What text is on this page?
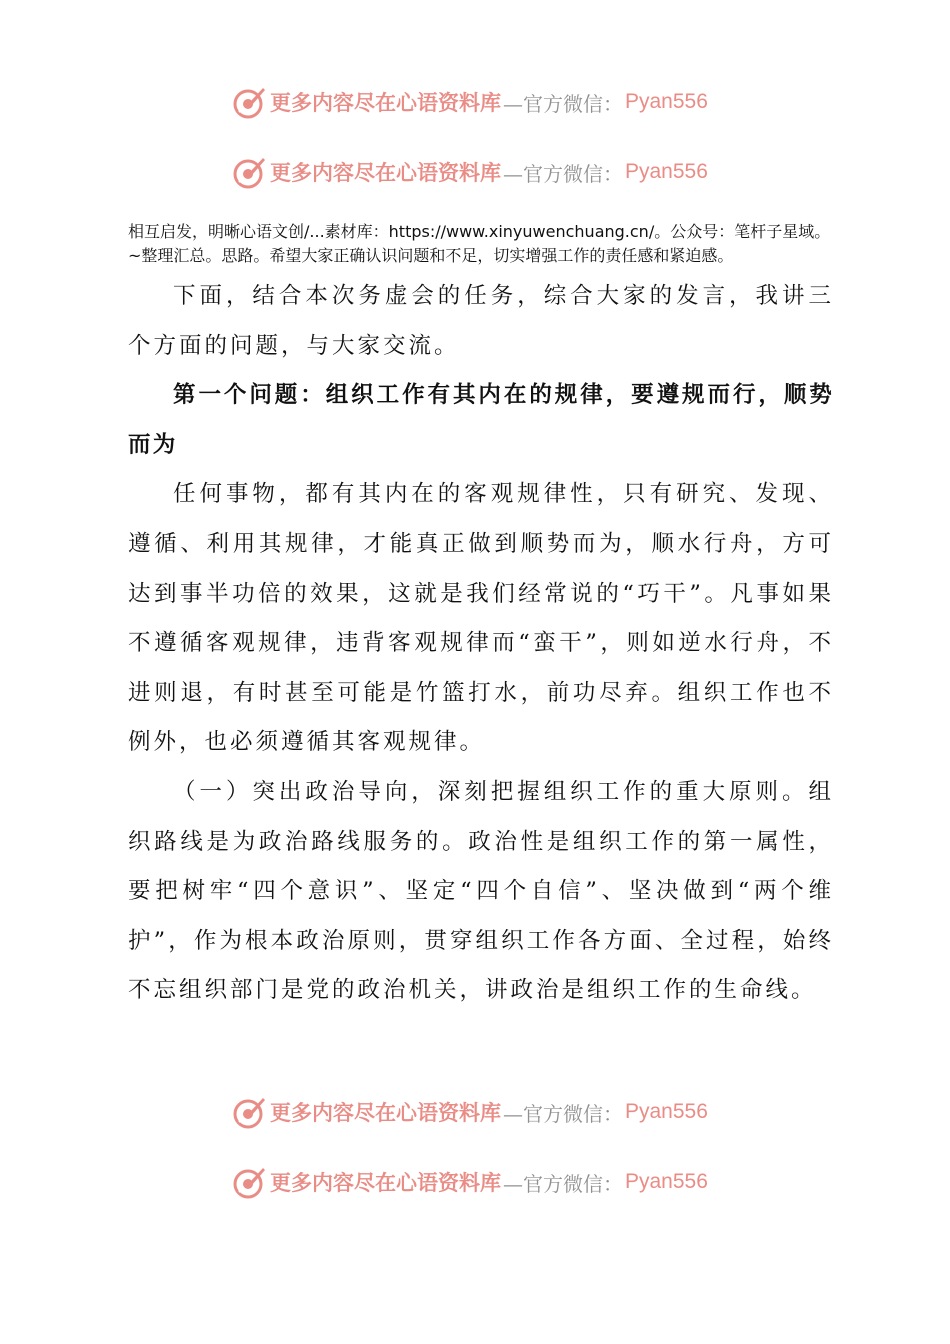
更多内容尽在心语资料库 —官方微信： Pyan556
更多内容尽在心语资料库 —官方微信： Pyan556

相互启发，明晰心语文创/...素材库：https://www.xinyuwenchuang.cn/。公众号：笔杆子星域。~整理汇总。思路。希望大家正确认识问题和不足，切实增强工作的责任感和紧迫感。

下面，结合本次务虚会的任务，综合大家的发言，我讲三个方面的问题，与大家交流。

第一个问题：组织工作有其内在的规律，要遵规而行，顺势而为

任何事物，都有其内在的客观规律性，只有研究、发现、遵循、利用其规律，才能真正做到顺势而为，顺水行舟，方可达到事半功倍的效果，这就是我们经常说的“巧干”。凡事如果不遵循客观规律，违背客观规律而“蛮干”，则如逆水行舟，不进则退，有时甚至可能是竹篮打水，前功尽弃。组织工作也不例外，也必须遵循其客观规律。

（一）突出政治导向，深刻把握组织工作的重大原则。组织路线是为政治路线服务的。政治性是组织工作的第一属性，要把树牢“四个意识”、坚定“四个自信”、坚决做到“两个维护”，作为根本政治原则，贯穿组织工作各方面、全过程，始终不忘组织部门是党的政治机关，讲政治是组织工作的生命线。

更多内容尽在心语资料库 —官方微信： Pyan556
更多内容尽在心语资料库 —官方微信： Pyan556
